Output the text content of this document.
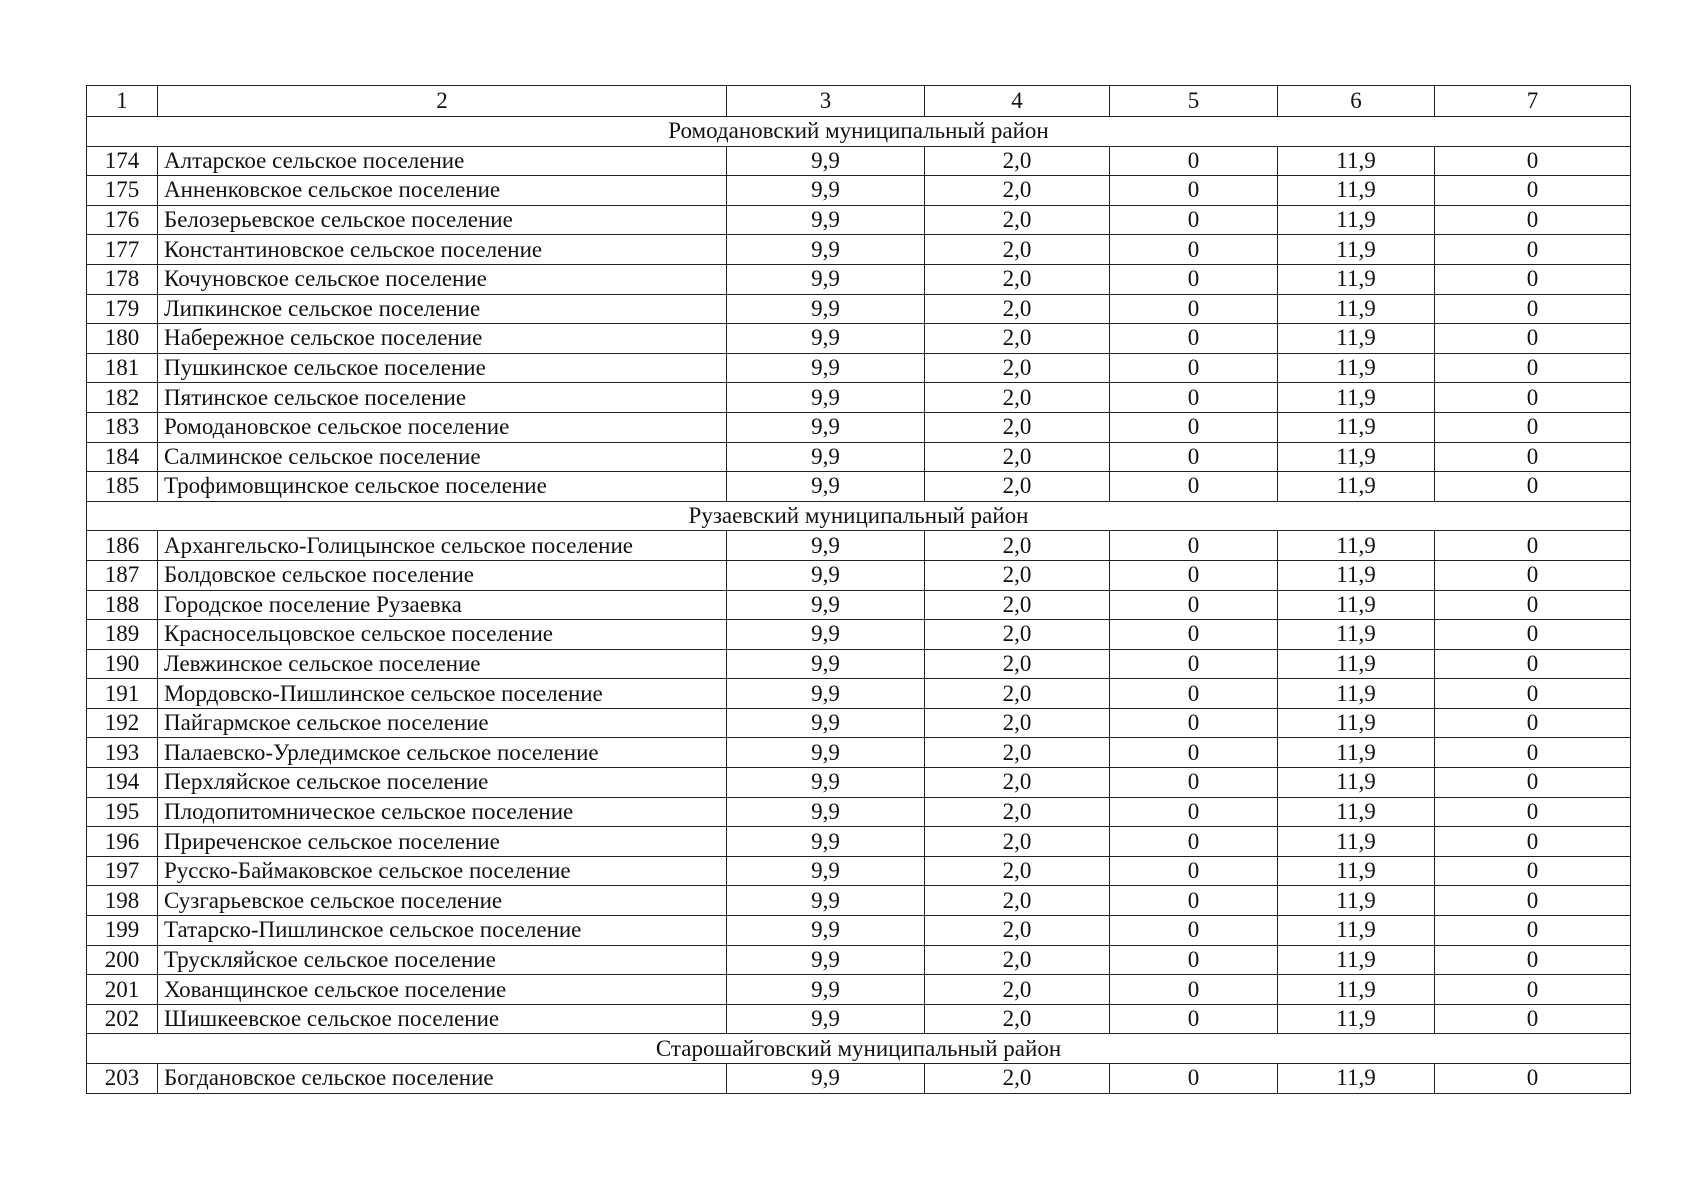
1	2	3	4	5	6	7
Ромодановский муниципальный район						
174	Алтарское сельское поселение	9,9	2,0	0	11,9	0
175	Анненковское сельское поселение	9,9	2,0	0	11,9	0
176	Белозерьевское сельское поселение	9,9	2,0	0	11,9	0
177	Константиновское сельское поселение	9,9	2,0	0	11,9	0
178	Кочуновское сельское поселение	9,9	2,0	0	11,9	0
179	Липкинское сельское поселение	9,9	2,0	0	11,9	0
180	Набережное сельское поселение	9,9	2,0	0	11,9	0
181	Пушкинское сельское поселение	9,9	2,0	0	11,9	0
182	Пятинское сельское поселение	9,9	2,0	0	11,9	0
183	Ромодановское сельское поселение	9,9	2,0	0	11,9	0
184	Салминское сельское поселение	9,9	2,0	0	11,9	0
185	Трофимовщинское сельское поселение	9,9	2,0	0	11,9	0
Рузаевский муниципальный район						
186	Архангельско-Голицынское сельское поселение	9,9	2,0	0	11,9	0
187	Болдовское сельское поселение	9,9	2,0	0	11,9	0
188	Городское поселение Рузаевка	9,9	2,0	0	11,9	0
189	Красносельцовское сельское поселение	9,9	2,0	0	11,9	0
190	Левжинское сельское поселение	9,9	2,0	0	11,9	0
191	Мордовско-Пишлинское сельское поселение	9,9	2,0	0	11,9	0
192	Пайгармское сельское поселение	9,9	2,0	0	11,9	0
193	Палаевско-Урледимское сельское поселение	9,9	2,0	0	11,9	0
194	Перхляйское сельское поселение	9,9	2,0	0	11,9	0
195	Плодопитомническое сельское поселение	9,9	2,0	0	11,9	0
196	Приреченское сельское поселение	9,9	2,0	0	11,9	0
197	Русско-Баймаковское сельское поселение	9,9	2,0	0	11,9	0
198	Сузгарьевское сельское поселение	9,9	2,0	0	11,9	0
199	Татарско-Пишлинское сельское поселение	9,9	2,0	0	11,9	0
200	Трускляйское сельское поселение	9,9	2,0	0	11,9	0
201	Хованщинское сельское поселение	9,9	2,0	0	11,9	0
202	Шишкеевское сельское поселение	9,9	2,0	0	11,9	0
Старошайговский муниципальный район						
203	Богдановское сельское поселение	9,9	2,0	0	11,9	0
